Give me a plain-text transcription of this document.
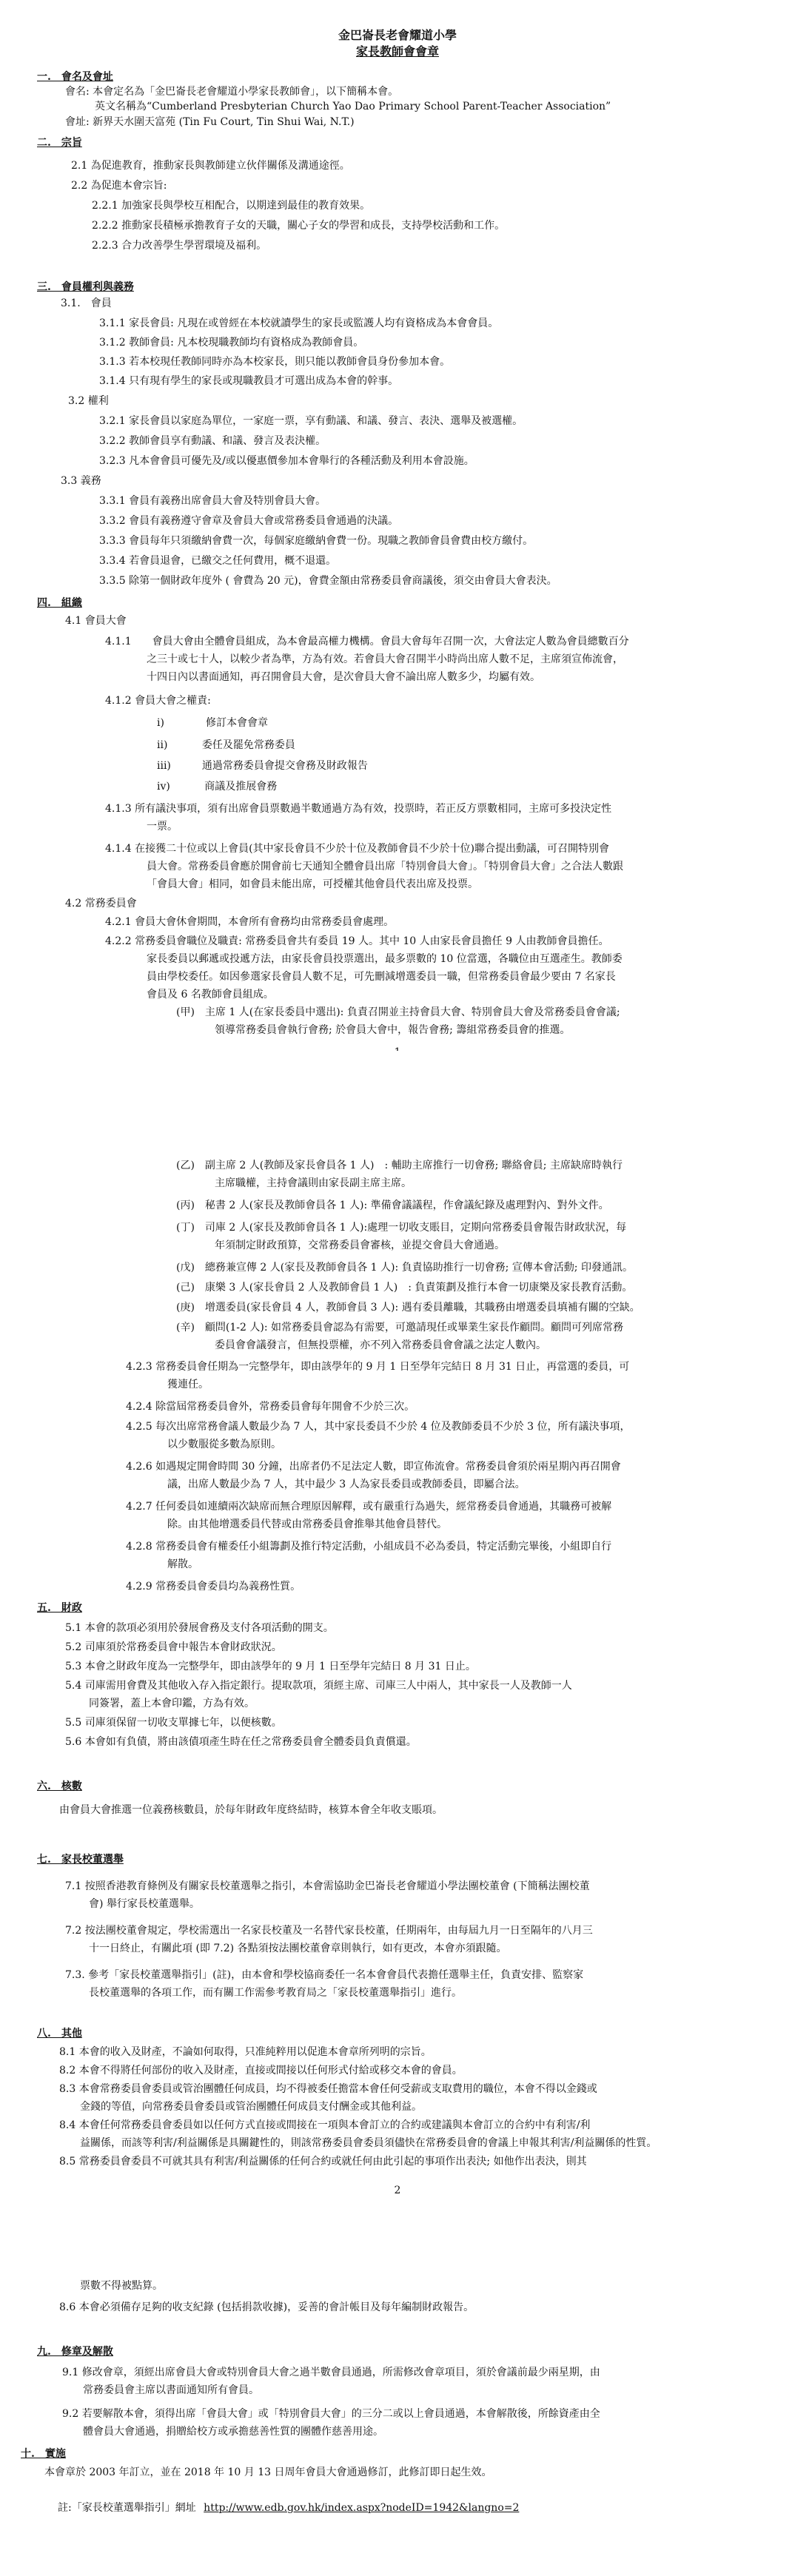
金巴崙長老會耀道小學
家長教師會會章
一.　會名及會址
會名: 本會定名為「金巴崙長老會耀道小學家長教師會」，以下簡稱本會。
英文名稱為“Cumberland Presbyterian Church Yao Dao Primary School Parent-Teacher Association”
會址: 新界天水圍天富苑 (Tin Fu Court, Tin Shui Wai, N.T.)
二.　宗旨
2.1 為促進教育，推動家長與教師建立伙伴關係及溝通途徑。
2.2 為促進本會宗旨:
2.2.1 加強家長與學校互相配合，以期達到最佳的教育效果。
2.2.2 推動家長積極承擔教育子女的天職，關心子女的學習和成長，支持學校活動和工作。
2.2.3 合力改善學生學習環境及福利。
三.　會員權利與義務
3.1.　會員
3.1.1 家長會員: 凡現在或曾經在本校就讀學生的家長或監護人均有資格成為本會會員。
3.1.2 教師會員: 凡本校現職教師均有資格成為教師會員。
3.1.3 若本校現任教師同時亦為本校家長，則只能以教師會員身份參加本會。
3.1.4 只有現有學生的家長或現職教員才可選出成為本會的幹事。
3.2 權利
3.2.1 家長會員以家庭為單位，一家庭一票，享有動議、和議、發言、表決、選舉及被選權。
3.2.2 教師會員享有動議、和議、發言及表決權。
3.2.3 凡本會會員可優先及/或以優惠價參加本會舉行的各種活動及利用本會設施。
3.3 義務
3.3.1 會員有義務出席會員大會及特別會員大會。
3.3.2 會員有義務遵守會章及會員大會或常務委員會通過的決議。
3.3.3 會員每年只須繳納會費一次，每個家庭繳納會費一份。現職之教師會員會費由校方繳付。
3.3.4 若會員退會，已繳交之任何費用，概不退還。
3.3.5 除第一個財政年度外 ( 會費為 20 元)，會費金額由常務委員會商議後，須交由會員大會表決。
四.　組織
4.1 會員大會
4.1.1　　會員大會由全體會員組成，為本會最高權力機構。會員大會每年召開一次，大會法定人數為會員總數百分
之三十或七十人，以較少者為準，方為有效。若會員大會召開半小時尚出席人數不足，主席須宣佈流會，
十四日內以書面通知，再召開會員大會，是次會員大會不論出席人數多少，均屬有效。
4.1.2 會員大會之權責:
i)　　　　修訂本會會章
ii)　　　 委任及罷免常務委員
iii)　　　通過常務委員會提交會務及財政報告
iv)　　　 商議及推展會務
4.1.3 所有議決事項，須有出席會員票數過半數通過方為有效，投票時，若正反方票數相同，主席可多投決定性
一票。
4.1.4 在接獲二十位或以上會員(其中家長會員不少於十位及教師會員不少於十位)聯合提出動議，可召開特別會
員大會。常務委員會應於開會前七天通知全體會員出席「特別會員大會」。「特別會員大會」之合法人數跟
「會員大會」相同，如會員未能出席，可授權其他會員代表出席及投票。
4.2 常務委員會
4.2.1 會員大會休會期間，本會所有會務均由常務委員會處理。
4.2.2 常務委員會職位及職責: 常務委員會共有委員 19 人。其中 10 人由家長會員擔任 9 人由教師會員擔任。
家長委員以郵遞或投遞方法，由家長會員投票選出，最多票數的 10 位當選，各職位由互選產生。教師委
員由學校委任。如因參選家長會員人數不足，可先刪減增選委員一職，但常務委員會最少要由 7 名家長
會員及 6 名教師會員組成。
(甲)　主席 1 人(在家長委員中選出): 負責召開並主持會員大會、特別會員大會及常務委員會會議;
領導常務委員會執行會務; 於會員大會中，報告會務; 籌組常務委員會的推選。
(乙)　副主席 2 人(教師及家長會員各 1 人)　: 輔助主席推行一切會務; 聯絡會員; 主席缺席時執行
主席職權，主持會議則由家長副主席主席。
(丙)　秘書 2 人(家長及教師會員各 1 人): 準備會議議程，作會議紀錄及處理對內、對外文件。
(丁)　司庫 2 人(家長及教師會員各 1 人):處理一切收支賬目，定期向常務委員會報告財政狀況，每
年須制定財政預算，交常務委員會審核，並提交會員大會通過。
(戊)　總務兼宣傳 2 人(家長及教師會員各 1 人): 負責協助推行一切會務; 宣傳本會活動; 印發通訊。
(己)　康樂 3 人(家長會員 2 人及教師會員 1 人)　: 負責策劃及推行本會一切康樂及家長教育活動。
(庚)　增選委員(家長會員 4 人，教師會員 3 人): 遇有委員離職，其職務由增選委員填補有關的空缺。
(辛)　顧問(1-2 人): 如常務委員會認為有需要，可邀請現任或畢業生家長作顧問。顧問可列席常務
委員會會議發言，但無投票權，亦不列入常務委員會會議之法定人數內。
4.2.3 常務委員會任期為一完整學年，即由該學年的 9 月 1 日至學年完結日 8 月 31 日止，再當選的委員，可
獲連任。
4.2.4 除當屆常務委員會外，常務委員會每年開會不少於三次。
4.2.5 每次出席常務會議人數最少為 7 人，其中家長委員不少於 4 位及教師委員不少於 3 位，所有議決事項，
以少數服從多數為原則。
4.2.6 如遇規定開會時間 30 分鐘，出席者仍不足法定人數，即宣佈流會。常務委員會須於兩星期內再召開會
議，出席人數最少為 7 人，其中最少 3 人為家長委員或教師委員，即屬合法。
4.2.7 任何委員如連續兩次缺席而無合理原因解釋，或有嚴重行為過失，經常務委員會通過，其職務可被解
除。由其他增選委員代替或由常務委員會推舉其他會員替代。
4.2.8 常務委員會有權委任小組籌劃及推行特定活動，小組成員不必為委員，特定活動完畢後，小組即自行
解散。
4.2.9 常務委員會委員均為義務性質。
五.　財政
5.1 本會的款項必須用於發展會務及支付各項活動的開支。
5.2 司庫須於常務委員會中報告本會財政狀況。
5.3 本會之財政年度為一完整學年，即由該學年的 9 月 1 日至學年完結日 8 月 31 日止。
5.4 司庫需用會費及其他收入存入指定銀行。提取款項，須經主席、司庫三人中兩人，其中家長一人及教師一人
同簽署，蓋上本會印鑑，方為有效。
5.5 司庫須保留一切收支單據七年，以便核數。
5.6 本會如有負債，將由該債項產生時在任之常務委員會全體委員負責償還。
六.　核數
由會員大會推選一位義務核數員，於每年財政年度終結時，核算本會全年收支賬項。
七.　家長校董選舉
7.1 按照香港教育條例及有關家長校董選舉之指引，本會需協助金巴崙長老會耀道小學法團校董會 (下簡稱法團校董
會) 舉行家長校董選舉。
7.2 按法團校董會規定，學校需選出一名家長校董及一名替代家長校董，任期兩年，由每屆九月一日至隔年的八月三
十一日終止，有關此項 (即 7.2) 各點須按法團校董會章則執行，如有更改，本會亦須跟隨。
7.3. 參考「家長校董選舉指引」(註)，由本會和學校協商委任一名本會會員代表擔任選舉主任，負責安排、監察家
長校董選舉的各項工作，而有關工作需參考教育局之「家長校董選舉指引」進行。
八.　其他
8.1 本會的收入及財產，不論如何取得，只准純粹用以促進本會章所列明的宗旨。
8.2 本會不得將任何部份的收入及財產，直接或間接以任何形式付給或移交本會的會員。
8.3 本會常務委員會委員或管治團體任何成員，均不得被委任擔當本會任何受薪或支取費用的職位，本會不得以金錢或
金錢的等值，向常務委員會委員或管治團體任何成員支付酬金或其他利益。
8.4 本會任何常務委員會委員如以任何方式直接或間接在一項與本會訂立的合約或建議與本會訂立的合約中有利害/利
益關係，而該等利害/利益關係是具關鍵性的，則該常務委員會委員須儘快在常務委員會的會議上申報其利害/利益關係的性質。
8.5 常務委員會委員不可就其具有利害/利益關係的任何合約或就任何由此引起的事項作出表決; 如他作出表決，則其
2
票數不得被點算。
8.6 本會必須備存足夠的收支紀錄 (包括捐款收據)，妥善的會計帳目及每年編制財政報告。
九.　修章及解散
9.1 修改會章，須經出席會員大會或特別會員大會之過半數會員通過，所需修改會章項目，須於會議前最少兩星期，由
常務委員會主席以書面通知所有會員。
9.2 若要解散本會，須得出席「會員大會」或「特別會員大會」的三分二或以上會員通過，本會解散後，所餘資產由全
體會員大會通過，捐贈給校方或承擔慈善性質的團體作慈善用途。
十.　實施
本會章於 2003 年訂立，並在 2018 年 10 月 13 日周年會員大會通過修訂，此修訂即日起生效。
註:「家長校董選舉指引」網址 http://www.edb.gov.hk/index.aspx?nodeID=1942&langno=2
